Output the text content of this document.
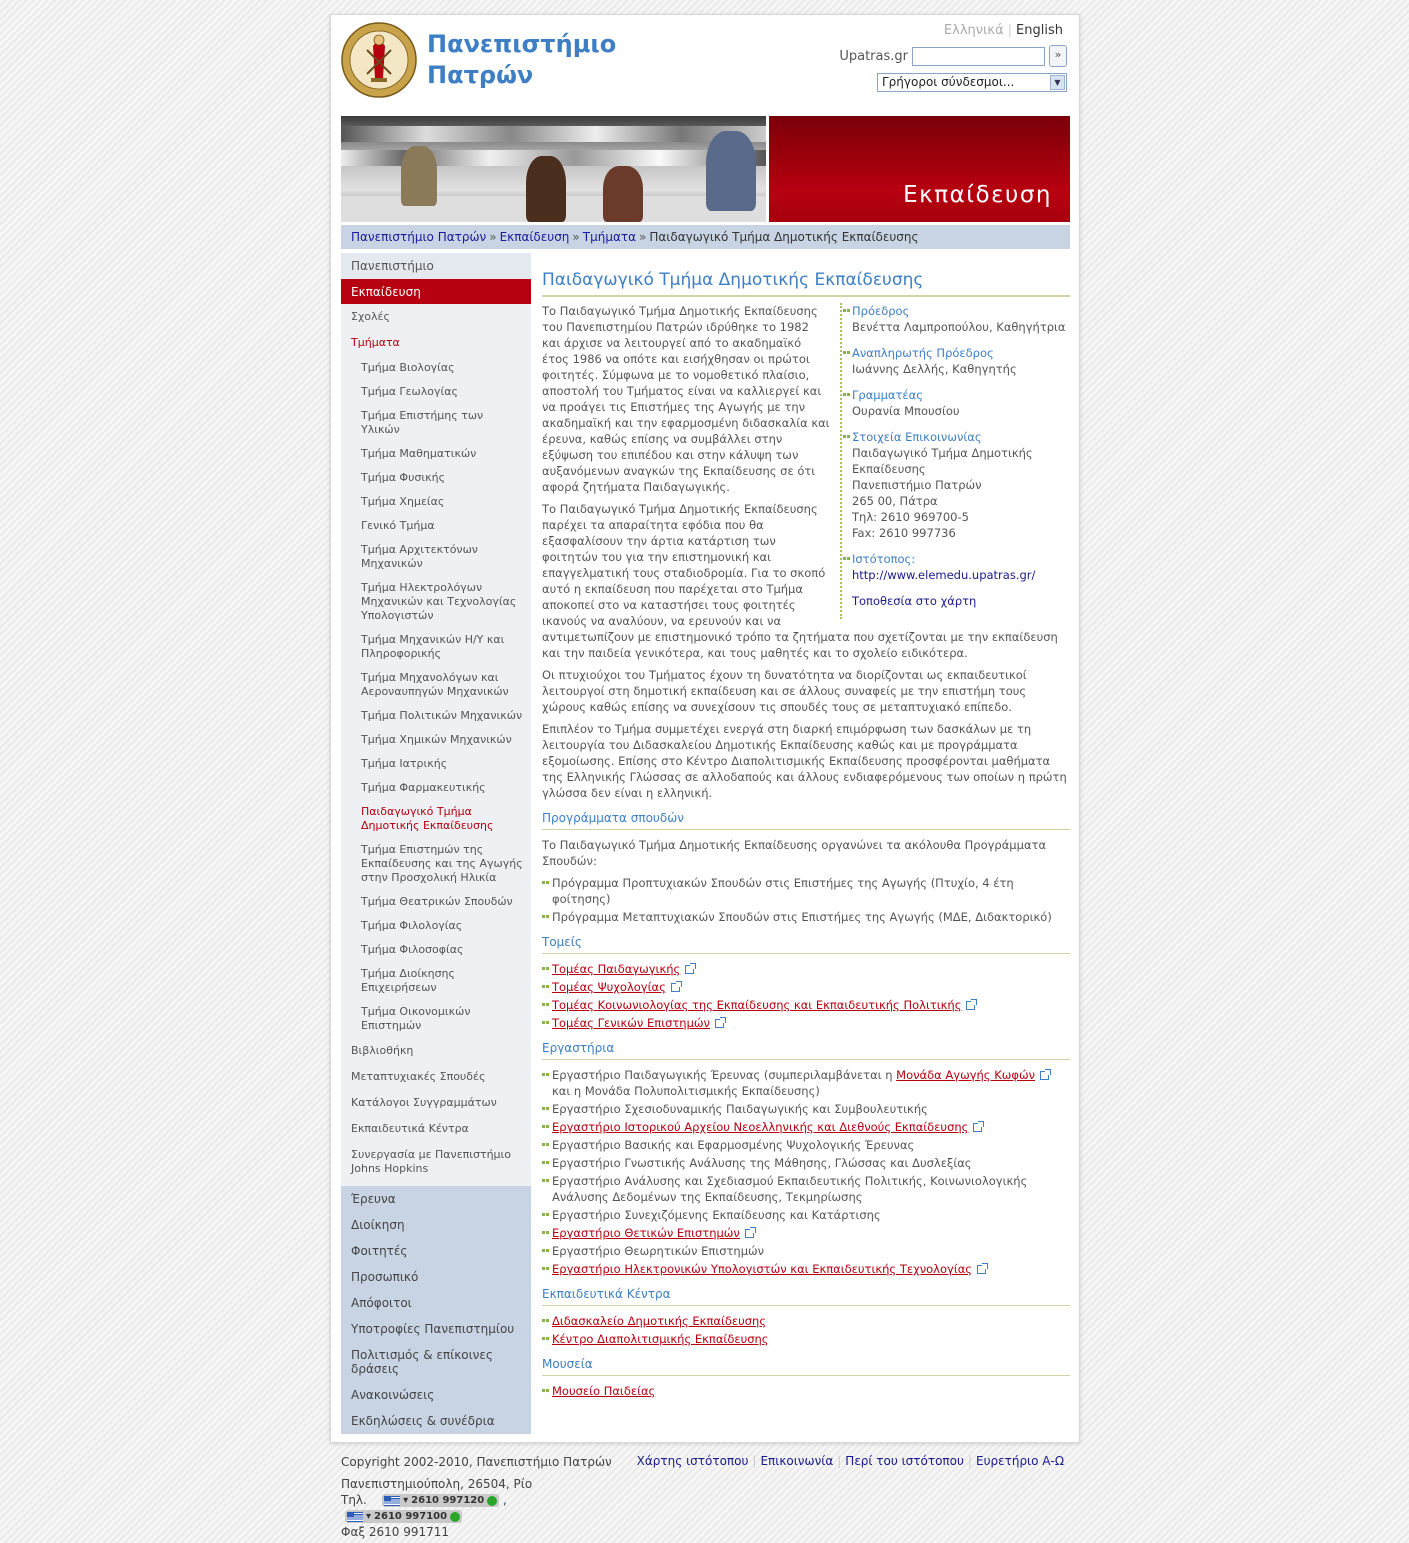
Πανεπιστήμιο
Πατρών
Ελληνικά | English
Upatras.gr	»
Γρήγοροι σύνδεσμοι...	▼
Εκπαίδευση
Πανεπιστήμιο Πατρών » Εκπαίδευση » Τμήματα » Παιδαγωγικό Τμήμα Δημοτικής Εκπαίδευσης
Πανεπιστήμιο
Εκπαίδευση
Σχολές
Τμήματα
Τμήμα Βιολογίας
Τμήμα Γεωλογίας
Τμήμα Επιστήμης των Υλικών
Τμήμα Μαθηματικών
Τμήμα Φυσικής
Τμήμα Χημείας
Γενικό Τμήμα
Τμήμα Αρχιτεκτόνων Μηχανικών
Τμήμα Ηλεκτρολόγων Μηχανικών και Τεχνολογίας Υπολογιστών
Τμήμα Μηχανικών Η/Υ και Πληροφορικής
Τμήμα Μηχανολόγων και Αεροναυπηγών Μηχανικών
Τμήμα Πολιτικών Μηχανικών
Τμήμα Χημικών Μηχανικών
Τμήμα Ιατρικής
Τμήμα Φαρμακευτικής
Παιδαγωγικό Τμήμα Δημοτικής Εκπαίδευσης
Τμήμα Επιστημών της Εκπαίδευσης και της Αγωγής στην Προσχολική Ηλικία
Τμήμα Θεατρικών Σπουδών
Τμήμα Φιλολογίας
Τμήμα Φιλοσοφίας
Τμήμα Διοίκησης Επιχειρήσεων
Τμήμα Οικονομικών Επιστημών
Βιβλιοθήκη
Μεταπτυχιακές Σπουδές
Κατάλογοι Συγγραμμάτων
Εκπαιδευτικά Κέντρα
Συνεργασία με Πανεπιστήμιο Johns Hopkins
Έρευνα
Διοίκηση
Φοιτητές
Προσωπικό
Απόφοιτοι
Υποτροφίες Πανεπιστημίου
Πολιτισμός & επίκοινες δράσεις
Ανακοινώσεις
Εκδηλώσεις & συνέδρια
Παιδαγωγικό Τμήμα Δημοτικής Εκπαίδευσης
Πρόεδρος
Βενέττα Λαμπροπούλου, Καθηγήτρια
Αναπληρωτής Πρόεδρος
Ιωάννης Δελλής, Καθηγητής
Γραμματέας
Ουρανία Μπουσίου
Στοιχεία Επικοινωνίας
Παιδαγωγικό Τμήμα Δημοτικής Εκπαίδευσης
Πανεπιστήμιο Πατρών
265 00, Πάτρα
Τηλ: 2610 969700-5
Fax: 2610 997736
Ιστότοπος:
http://www.elemedu.upatras.gr/
Τοποθεσία στο χάρτη

Το Παιδαγωγικό Τμήμα Δημοτικής Εκπαίδευσης του Πανεπιστημίου Πατρών ιδρύθηκε το 1982 και άρχισε να λειτουργεί από το ακαδημαϊκό έτος 1986 να οπότε και εισήχθησαν οι πρώτοι φοιτητές. Σύμφωνα με το νομοθετικό πλαίσιο, αποστολή του Τμήματος είναι να καλλιεργεί και να προάγει τις Επιστήμες της Αγωγής με την ακαδημαϊκή και την εφαρμοσμένη διδασκαλία και έρευνα, καθώς επίσης να συμβάλλει στην εξύψωση του επιπέδου και στην κάλυψη των αυξανόμενων αναγκών της Εκπαίδευσης σε ότι αφορά ζητήματα Παιδαγωγικής.

Το Παιδαγωγικό Τμήμα Δημοτικής Εκπαίδευσης παρέχει τα απαραίτητα εφόδια που θα εξασφαλίσουν την άρτια κατάρτιση των φοιτητών του για την επιστημονική και επαγγελματική τους σταδιοδρομία. Για το σκοπό αυτό η εκπαίδευση που παρέχεται στο Τμήμα αποκοπεί στο να καταστήσει τους φοιτητές ικανούς να αναλύουν, να ερευνούν και να αντιμετωπίζουν με επιστημονικό τρόπο τα ζητήματα που σχετίζονται με την εκπαίδευση και την παιδεία γενικότερα, και τους μαθητές και το σχολείο ειδικότερα.

Οι πτυχιούχοι του Τμήματος έχουν τη δυνατότητα να διορίζονται ως εκπαιδευτικοί λειτουργοί στη δημοτική εκπαίδευση και σε άλλους συναφείς με την επιστήμη τους χώρους καθώς επίσης να συνεχίσουν τις σπουδές τους σε μεταπτυχιακό επίπεδο.

Επιπλέον το Τμήμα συμμετέχει ενεργά στη διαρκή επιμόρφωση των δασκάλων με τη λειτουργία του Διδασκαλείου Δημοτικής Εκπαίδευσης καθώς και με προγράμματα εξομοίωσης. Επίσης στο Κέντρο Διαπολιτισμικής Εκπαίδευσης προσφέρονται μαθήματα της Ελληνικής Γλώσσας σε αλλοδαπούς και άλλους ενδιαφερόμενους των οποίων η πρώτη γλώσσα δεν είναι η ελληνική.

Προγράμματα σπουδών

Το Παιδαγωγικό Τμήμα Δημοτικής Εκπαίδευσης οργανώνει τα ακόλουθα Προγράμματα Σπουδών:

Πρόγραμμα Προπτυχιακών Σπουδών στις Επιστήμες της Αγωγής (Πτυχίο, 4 έτη φοίτησης)
Πρόγραμμα Μεταπτυχιακών Σπουδών στις Επιστήμες της Αγωγής (ΜΔΕ, Διδακτορικό)
Τομείς
Τομέας Παιδαγωγικής
Τομέας Ψυχολογίας
Τομέας Κοινωνιολογίας της Εκπαίδευσης και Εκπαιδευτικής Πολιτικής
Τομέας Γενικών Επιστημών
Εργαστήρια
Εργαστήριο Παιδαγωγικής Έρευνας (συμπεριλαμβάνεται η Μονάδα Αγωγής Κωφών και η Μονάδα Πολυπολιτισμικής Εκπαίδευσης)
Εργαστήριο Σχεσιοδυναμικής Παιδαγωγικής και Συμβουλευτικής
Εργαστήριο Ιστορικού Αρχείου Νεοελληνικής και Διεθνούς Εκπαίδευσης
Εργαστήριο Βασικής και Εφαρμοσμένης Ψυχολογικής Έρευνας
Εργαστήριο Γνωστικής Ανάλυσης της Μάθησης, Γλώσσας και Δυσλεξίας
Εργαστήριο Ανάλυσης και Σχεδιασμού Εκπαιδευτικής Πολιτικής, Κοινωνιολογικής Ανάλυσης Δεδομένων της Εκπαίδευσης, Τεκμηρίωσης
Εργαστήριο Συνεχιζόμενης Εκπαίδευσης και Κατάρτισης
Εργαστήριο Θετικών Επιστημών
Εργαστήριο Θεωρητικών Επιστημών
Εργαστήριο Ηλεκτρονικών Υπολογιστών και Εκπαιδευτικής Τεχνολογίας
Εκπαιδευτικά Κέντρα
Διδασκαλείο Δημοτικής Εκπαίδευσης
Κέντρο Διαπολιτισμικής Εκπαίδευσης
Μουσεία
Μουσείο Παιδείας
Copyright 2002-2010, Πανεπιστήμιο Πατρών
Πανεπιστημιούπολη, 26504, Ρίο
Τηλ.	▾ 2610 997120 ,
▾ 2610 997100
Φαξ 2610 991711
Χάρτης ιστότοπου | Επικοινωνία | Περί του ιστότοπου | Ευρετήριο Α-Ω
